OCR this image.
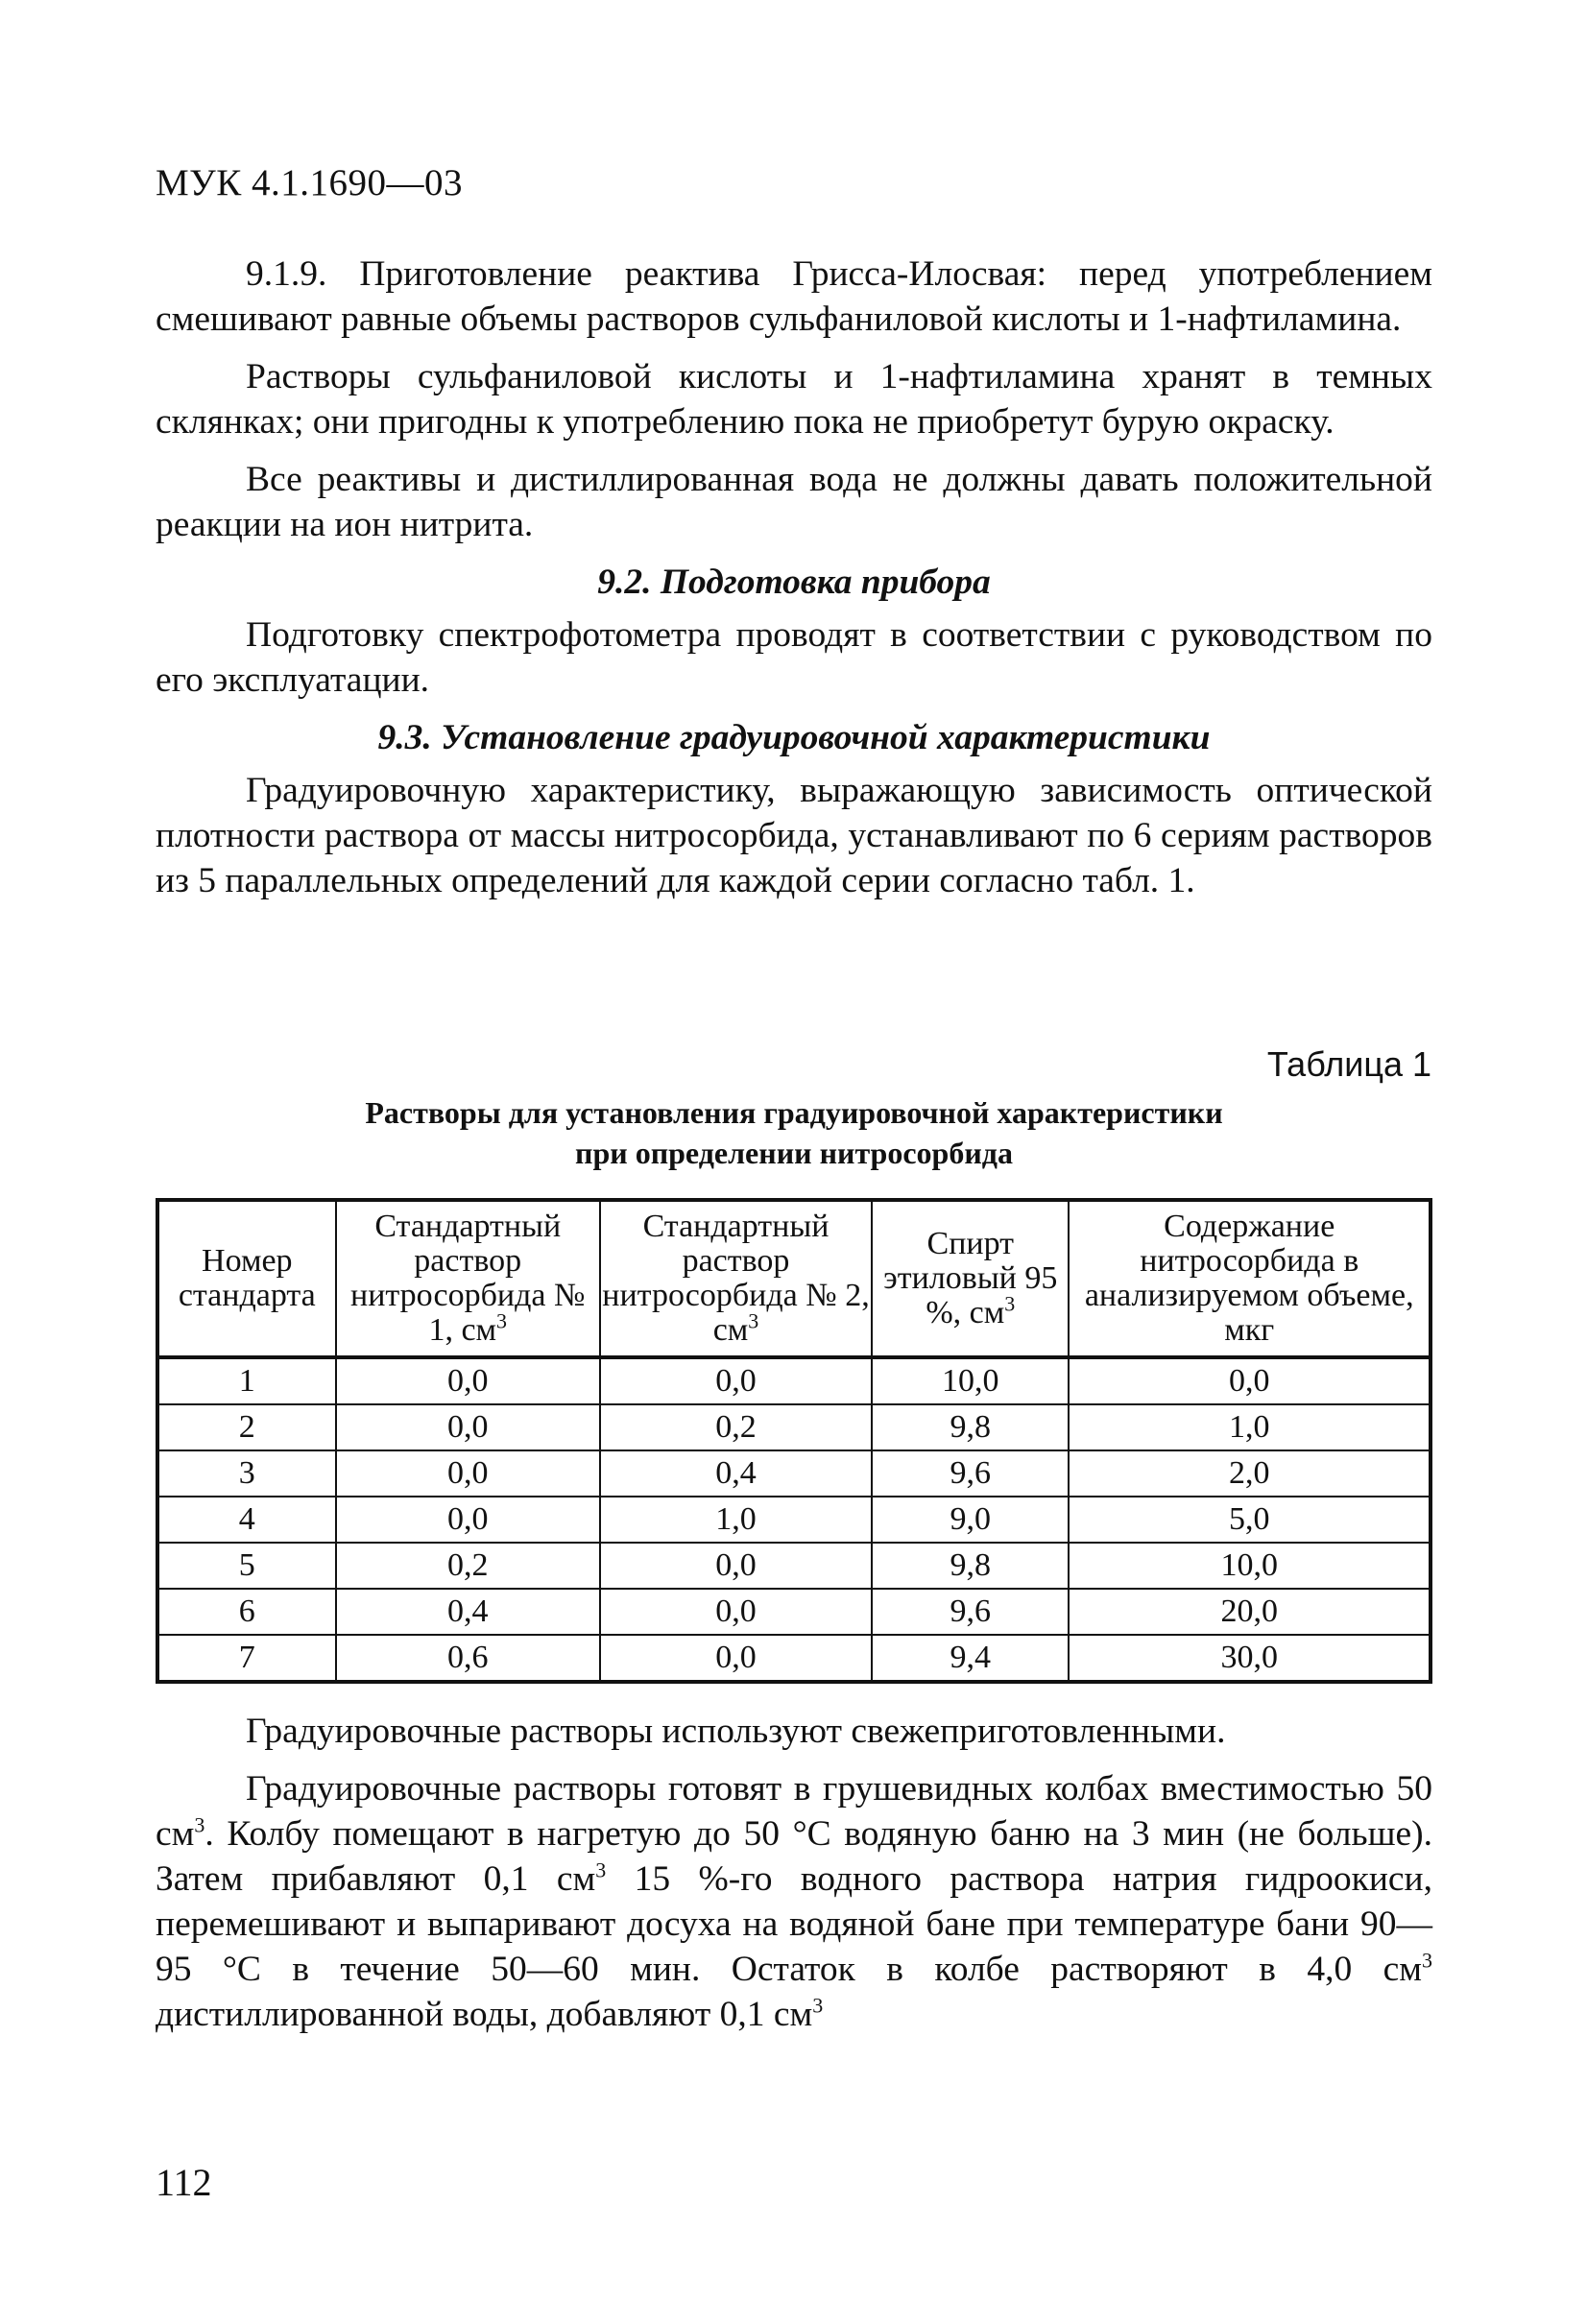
МУК 4.1.1690—03

9.1.9. Приготовление реактива Грисса-Илосвая: перед употреблением смешивают равные объемы растворов сульфаниловой кислоты и 1-нафтиламина.

Растворы сульфаниловой кислоты и 1-нафтиламина хранят в темных склянках; они пригодны к употреблению пока не приобретут бурую окраску.

Все реактивы и дистиллированная вода не должны давать положительной реакции на ион нитрита.

9.2. Подготовка прибора

Подготовку спектрофотометра проводят в соответствии с руководством по его эксплуатации.

9.3. Установление градуировочной характеристики

Градуировочную характеристику, выражающую зависимость оптической плотности раствора от массы нитросорбида, устанавливают по 6 сериям растворов из 5 параллельных определений для каждой серии согласно табл. 1.

Таблица 1
Растворы для установления градуировочной характеристики
при определении нитросорбида
Номер стандарта	Стандартный раствор нитросорбида № 1, $см^3$	Стандартный раствор нитросорбида № 2, $см^3$	Спирт этиловый 95 %, $см^3$	Содержание нитросорбида в анализируемом объеме, мкг
1	0,0	0,0	10,0	0,0
2	0,0	0,2	9,8	1,0
3	0,0	0,4	9,6	2,0
4	0,0	1,0	9,0	5,0
5	0,2	0,0	9,8	10,0
6	0,4	0,0	9,6	20,0
7	0,6	0,0	9,4	30,0

Градуировочные растворы используют свежеприготовленными.

Градуировочные растворы готовят в грушевидных колбах вместимостью 50 $см^3$. Колбу помещают в нагретую до 50 °C водяную баню на 3 мин (не больше). Затем прибавляют 0,1 $см^3$ 15 %-го водного раствора натрия гидроокиси, перемешивают и выпаривают досуха на водяной бане при температуре бани 90—95 °C в течение 50—60 мин. Остаток в колбе растворяют в 4,0 $см^3$ дистиллированной воды, добавляют 0,1 $см^3$

112
